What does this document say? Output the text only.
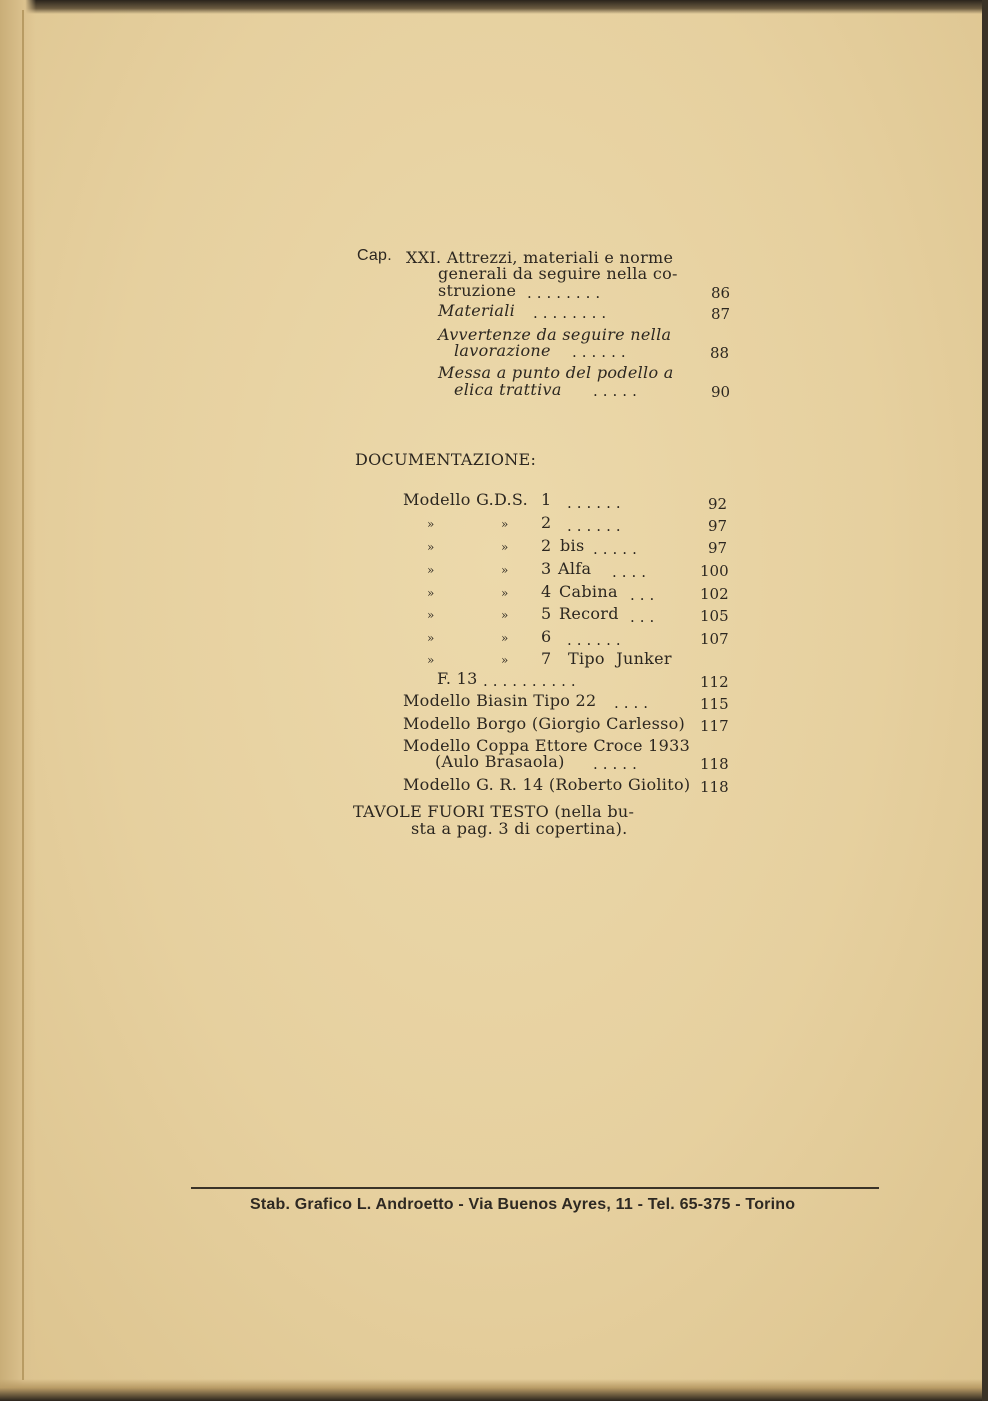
Cap. XXI. Attrezzi, materiali e norme
generali da seguire nella co-
struzione ........	86
Materiali ........	87
Avvertenze da seguire nella
lavorazione ......	88
Messa a punto del podello a
elica trattiva .....	90
DOCUMENTAZIONE:
Modello G.D.S. 1 ......	92
»	» 2 ......	97
»	» 2 bis .....	97
»	» 3 Alfa ....	100
»	» 4 Cabina ...	102
»	» 5 Record ...	105
»	» 6 ......	107
»	» 7 Tipo Junker
F. 13 ..........	112
Modello Biasin Tipo 22 ....	115
Modello Borgo (Giorgio Carlesso) 117
Modello Coppa Ettore Croce 1933
(Aulo Brasaola) .....	118
Modello G. R. 14 (Roberto Giolito) 118
TAVOLE FUORI TESTO (nella bu-
sta a pag. 3 di copertina).
Stab. Grafico L. Androetto - Via Buenos Ayres, 11 - Tel. 65-375 - Torino
